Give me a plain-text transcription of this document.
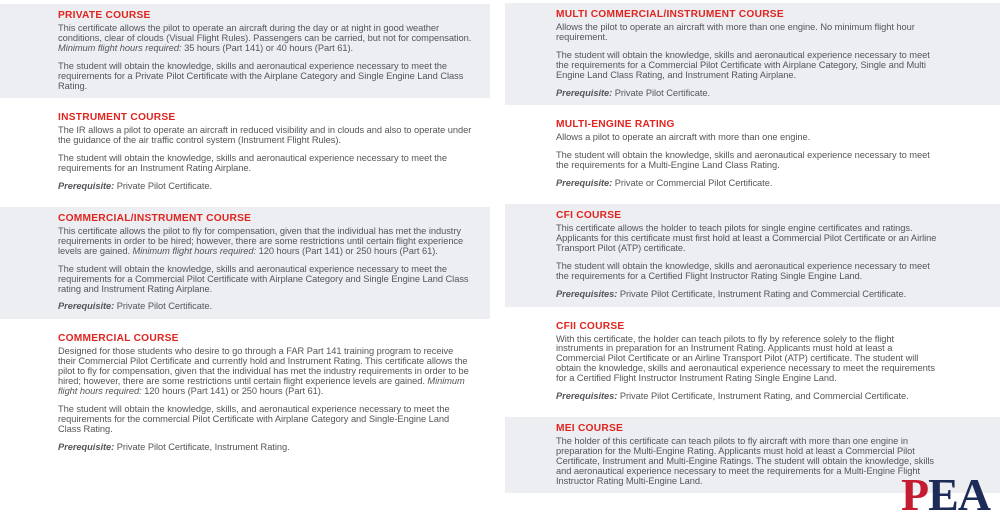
PRIVATE COURSE

This certificate allows the pilot to operate an aircraft during the day or at night in good weather conditions, clear of clouds (Visual Flight Rules). Passengers can be carried, but not for compensation. Minimum flight hours required: 35 hours (Part 141) or 40 hours (Part 61).

The student will obtain the knowledge, skills and aeronautical experience necessary to meet the requirements for a Private Pilot Certificate with the Airplane Category and Single Engine Land Class Rating.

INSTRUMENT COURSE

The IR allows a pilot to operate an aircraft in reduced visibility and in clouds and also to operate under the guidance of the air traffic control system (Instrument Flight Rules).

The student will obtain the knowledge, skills and aeronautical experience necessary to meet the requirements for an Instrument Rating Airplane.

Prerequisite: Private Pilot Certificate.

COMMERCIAL/INSTRUMENT COURSE

This certificate allows the pilot to fly for compensation, given that the individual has met the industry requirements in order to be hired; however, there are some restrictions until certain flight experience levels are gained. Minimum flight hours required: 120 hours (Part 141) or 250 hours (Part 61).

The student will obtain the knowledge, skills and aeronautical experience necessary to meet the requirements for a Commercial Pilot Certificate with Airplane Category and Single Engine Land Class rating and Instrument Rating Airplane.

Prerequisite: Private Pilot Certificate.

COMMERCIAL COURSE

Designed for those students who desire to go through a FAR Part 141 training program to receive their Commercial Pilot Certificate and currently hold and Instrument Rating. This certificate allows the pilot to fly for compensation, given that the individual has met the industry requirements in order to be hired; however, there are some restrictions until certain flight experience levels are gained. Minimum flight hours required: 120 hours (Part 141) or 250 hours (Part 61).

The student will obtain the knowledge, skills, and aeronautical experience necessary to meet the requirements for the commercial Pilot Certificate with Airplane Category and Single-Engine Land Class Rating.

Prerequisite: Private Pilot Certificate, Instrument Rating.

MULTI COMMERCIAL/INSTRUMENT COURSE

Allows the pilot to operate an aircraft with more than one engine. No minimum flight hour requirement.

The student will obtain the knowledge, skills and aeronautical experience necessary to meet the requirements for a Commercial Pilot Certificate with Airplane Category, Single and Multi Engine Land Class Rating, and Instrument Rating Airplane.

Prerequisite: Private Pilot Certificate.

MULTI-ENGINE RATING

Allows a pilot to operate an aircraft with more than one engine.

The student will obtain the knowledge, skills and aeronautical experience necessary to meet the requirements for a Multi-Engine Land Class Rating.

Prerequisite: Private or Commercial Pilot Certificate.

CFI COURSE

This certificate allows the holder to teach pilots for single engine certificates and ratings. Applicants for this certificate must first hold at least a Commercial Pilot Certificate or an Airline Transport Pilot (ATP) certificate.

The student will obtain the knowledge, skills and aeronautical experience necessary to meet the requirements for a Certified Flight Instructor Rating Single Engine Land.

Prerequisites: Private Pilot Certificate, Instrument Rating and Commercial Certificate.

CFII COURSE

With this certificate, the holder can teach pilots to fly by reference solely to the flight instruments in preparation for an Instrument Rating. Applicants must hold at least a Commercial Pilot Certificate or an Airline Transport Pilot (ATP) certificate. The student will obtain the knowledge, skills and aeronautical experience necessary to meet the requirements for a Certified Flight Instructor Instrument Rating Single Engine Land.

Prerequisites: Private Pilot Certificate, Instrument Rating, and Commercial Certificate.

MEI COURSE

The holder of this certificate can teach pilots to fly aircraft with more than one engine in preparation for the Multi-Engine Rating. Applicants must hold at least a Commercial Pilot Certificate, Instrument and Multi-Engine Ratings. The student will obtain the knowledge, skills and aeronautical experience necessary to meet the requirements for a Multi-Engine Flight Instructor Rating Multi-Engine Land.	PEA
